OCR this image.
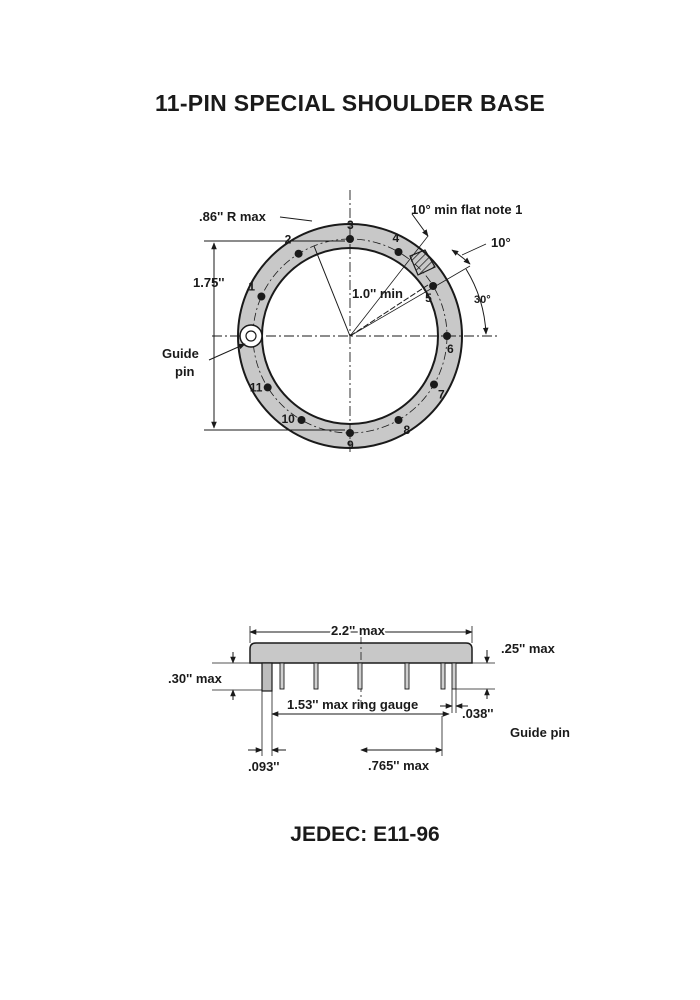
11-PIN SPECIAL SHOULDER BASE
1
2
3
4
5
6
7
8
9
10
11
.86'' R max	10° min flat note 1
10°
30°
1.0'' min
1.75''
Guide
pin
2.2'' max
.25'' max
.30'' max
1.53'' max ring gauge
.038''
Guide pin
.093''	.765'' max
JEDEC: E11-96
